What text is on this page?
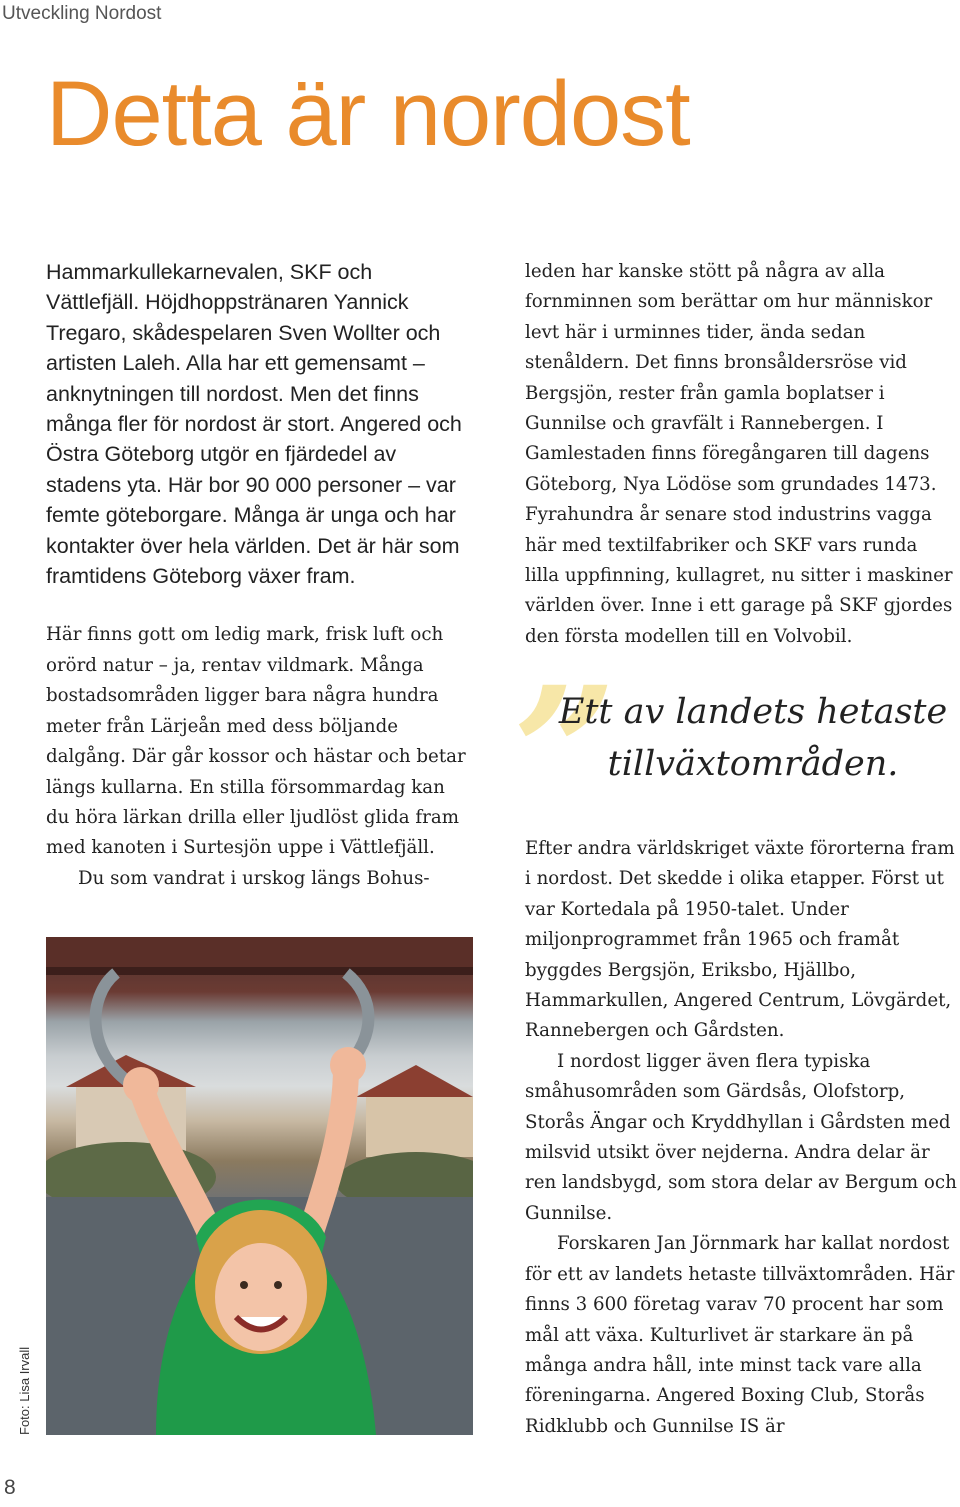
Utveckling Nordost
Detta är nordost

Hammarkullekarnevalen, SKF och Vättlefjäll. Höjdhoppstränaren Yannick Tregaro, skådespelaren Sven Wollter och artisten Laleh. Alla har ett gemensamt – anknytningen till nordost. Men det finns många fler för nordost är stort. Angered och Östra Göteborg utgör en fjärdedel av stadens yta. Här bor 90 000 personer – var femte göteborgare. Många är unga och har kontakter över hela världen. Det är här som framtidens Göteborg växer fram.

Här finns gott om ledig mark, frisk luft och orörd natur – ja, rentav vildmark. Många bostadsområden ligger bara några hundra meter från Lärjeån med dess böljande dalgång. Där går kossor och hästar och betar längs kullarna. En stilla försommardag kan du höra lärkan drilla eller ljudlöst glida fram med kanoten i Surtesjön uppe i Vättlefjäll.

Du som vandrat i urskog längs Bohus-

Foto: Lisa Irvall

leden har kanske stött på några av alla fornminnen som berättar om hur människor levt här i urminnes tider, ända sedan stenåldern. Det finns bronsåldersröse vid Bergsjön, rester från gamla boplatser i Gunnilse och gravfält i Rannebergen. I Gamlestaden finns föregångaren till dagens Göteborg, Nya Lödöse som grundades 1473. Fyrahundra år senare stod industrins vagga här med textilfabriker och SKF vars runda lilla uppfinning, kullagret, nu sitter i maskiner världen över. Inne i ett garage på SKF gjordes den första modellen till en Volvobil.

”

Ett av landets hetaste tillväxtområden.

Efter andra världskriget växte förorterna fram i nordost. Det skedde i olika etapper. Först ut var Kortedala på 1950-talet. Under miljonprogrammet från 1965 och framåt byggdes Bergsjön, Eriksbo, Hjällbo, Hammarkullen, Angered Centrum, Lövgärdet, Rannebergen och Gårdsten.

I nordost ligger även flera typiska småhusområden som Gärdsås, Olofstorp, Storås Ängar och Kryddhyllan i Gårdsten med milsvid utsikt över nejderna. Andra delar är ren landsbygd, som stora delar av Bergum och Gunnilse.

Forskaren Jan Jörnmark har kallat nordost för ett av landets hetaste tillväxtområden. Här finns 3 600 företag varav 70 procent har som mål att växa. Kulturlivet är starkare än på många andra håll, inte minst tack vare alla föreningarna. Angered Boxing Club, Storås Ridklubb och Gunnilse IS är

8
